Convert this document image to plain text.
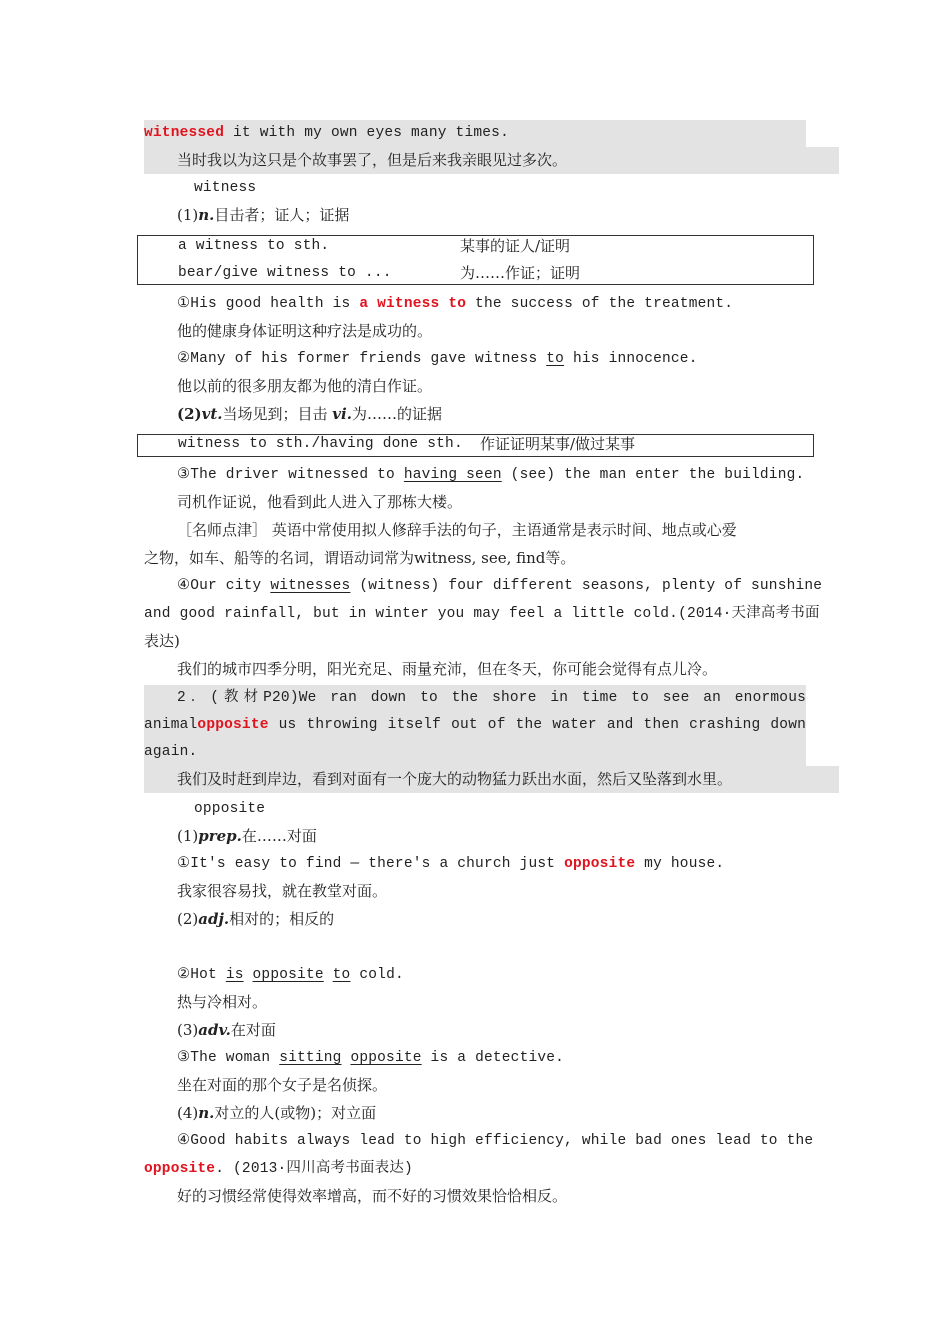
witnessed it with my own eyes many times.
当时我以为这只是个故事罢了，但是后来我亲眼见过多次。
witness
(1)n.目击者；证人；证据
a witness to sth.	某事的证人/证明
bear/give witness to ...	为……作证；证明
①His good health is a witness to the success of the treatment.
他的健康身体证明这种疗法是成功的。
②Many of his former friends gave witness to his innocence.
他以前的很多朋友都为他的清白作证。
(2)vt.当场见到；目击 vi.为……的证据
witness to sth./having done sth. 作证证明某事/做过某事
③The driver witnessed to having seen (see) the man enter the building.
司机作证说，他看到此人进入了那栋大楼。
［名师点津］ 英语中常使用拟人修辞手法的句子，主语通常是表示时间、地点或心爱
之物，如车、船等的名词，谓语动词常为witness, see, find等。
④Our city witnesses (witness) four different seasons, plenty of sunshine
and good rainfall, but in winter you may feel a little cold.(2014·天津高考书面
表达)
我们的城市四季分明，阳光充足、雨量充沛，但在冬天，你可能会觉得有点儿冷。
2．(教材P20)We ran down to the shore in time to see an enormous
animalopposite us throwing itself out of the water and then crashing down
again.
我们及时赶到岸边，看到对面有一个庞大的动物猛力跃出水面，然后又坠落到水里。
opposite
(1)prep.在……对面
①It's easy to find — there's a church just opposite my house.
我家很容易找，就在教堂对面。
(2)adj.相对的；相反的
②Hot is opposite to cold.
热与冷相对。
(3)adv.在对面
③The woman sitting opposite is a detective.
坐在对面的那个女子是名侦探。
(4)n.对立的人(或物)；对立面
④Good habits always lead to high efficiency, while bad ones lead to the
opposite. (2013·四川高考书面表达)
好的习惯经常使得效率增高，而不好的习惯效果恰恰相反。
